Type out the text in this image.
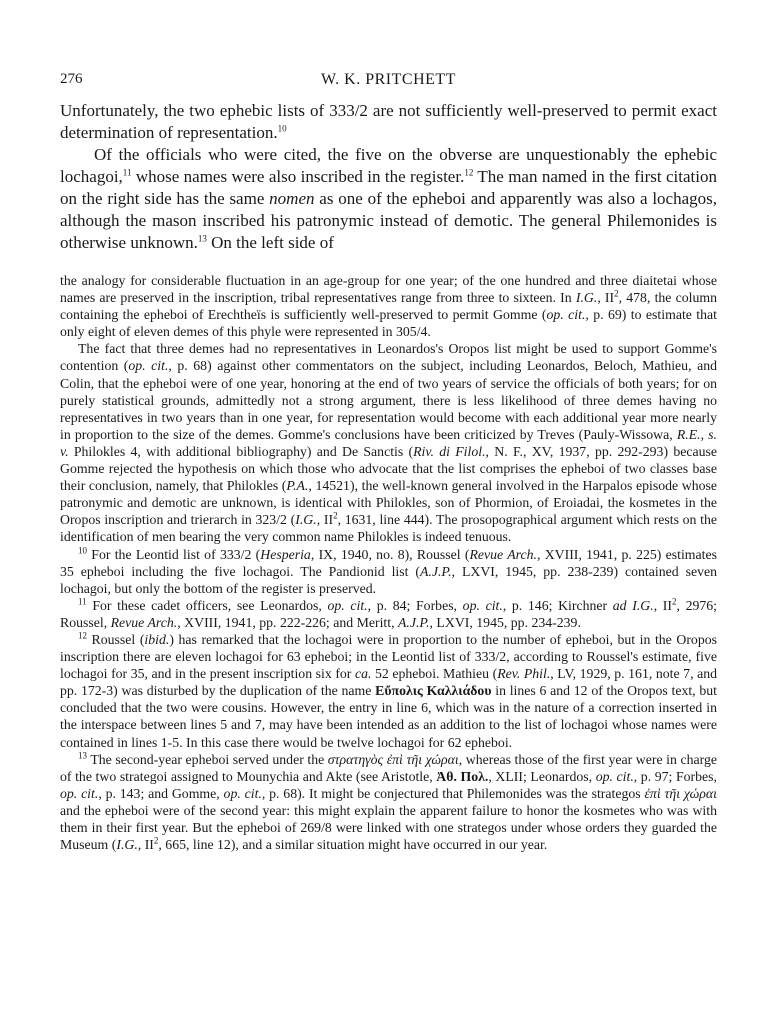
276	W. K. PRITCHETT

Unfortunately, the two ephebic lists of 333/2 are not sufficiently well-preserved to permit exact determination of representation.$^{10}$

Of the officials who were cited, the five on the obverse are unquestionably the ephebic lochagoi,$^{11}$ whose names were also inscribed in the register.$^{12}$ The man named in the first citation on the right side has the same nomen as one of the epheboi and apparently was also a lochagos, although the mason inscribed his patronymic instead of demotic. The general Philemonides is otherwise unknown.$^{13}$ On the left side of

the analogy for considerable fluctuation in an age-group for one year; of the one hundred and three diaitetai whose names are preserved in the inscription, tribal representatives range from three to sixteen. In I.G., $II^2$, 478, the column containing the epheboi of Erechtheïs is sufficiently well-preserved to permit Gomme (op. cit., p. 69) to estimate that only eight of eleven demes of this phyle were represented in 305/4.

The fact that three demes had no representatives in Leonardos's Oropos list might be used to support Gomme's contention (op. cit., p. 68) against other commentators on the subject, including Leonardos, Beloch, Mathieu, and Colin, that the epheboi were of one year, honoring at the end of two years of service the officials of both years; for on purely statistical grounds, admittedly not a strong argument, there is less likelihood of three demes having no representatives in two years than in one year, for representation would become with each additional year more nearly in proportion to the size of the demes. Gomme's conclusions have been criticized by Treves (Pauly-Wissowa, R.E., s. v. Philokles 4, with additional bibliography) and De Sanctis (Riv. di Filol., N. F., XV, 1937, pp. 292-293) because Gomme rejected the hypothesis on which those who advocate that the list comprises the epheboi of two classes base their conclusion, namely, that Philokles (P.A., 14521), the well-known general involved in the Harpalos episode whose patronymic and demotic are unknown, is identical with Philokles, son of Phormion, of Eroiadai, the kosmetes in the Oropos inscription and trierarch in 323/2 (I.G., $II^2$, 1631, line 444). The prosopographical argument which rests on the identification of men bearing the very common name Philokles is indeed tenuous.

$^{10}$ For the Leontid list of 333/2 (Hesperia, IX, 1940, no. 8), Roussel (Revue Arch., XVIII, 1941, p. 225) estimates 35 epheboi including the five lochagoi. The Pandionid list (A.J.P., LXVI, 1945, pp. 238-239) contained seven lochagoi, but only the bottom of the register is preserved.

$^{11}$ For these cadet officers, see Leonardos, op. cit., p. 84; Forbes, op. cit., p. 146; Kirchner ad I.G., $II^2$, 2976; Roussel, Revue Arch., XVIII, 1941, pp. 222-226; and Meritt, A.J.P., LXVI, 1945, pp. 234-239.

$^{12}$ Roussel (ibid.) has remarked that the lochagoi were in proportion to the number of epheboi, but in the Oropos inscription there are eleven lochagoi for 63 epheboi; in the Leontid list of 333/2, according to Roussel's estimate, five lochagoi for 35, and in the present inscription six for ca. 52 epheboi. Mathieu (Rev. Phil., LV, 1929, p. 161, note 7, and pp. 172-3) was disturbed by the duplication of the name Εὔπολις Καλλιάδου in lines 6 and 12 of the Oropos text, but concluded that the two were cousins. However, the entry in line 6, which was in the nature of a correction inserted in the interspace between lines 5 and 7, may have been intended as an addition to the list of lochagoi whose names were contained in lines 1-5. In this case there would be twelve lochagoi for 62 epheboi.

$^{13}$ The second-year epheboi served under the στρατηγὸς ἐπὶ τῆι χώραι, whereas those of the first year were in charge of the two strategoi assigned to Mounychia and Akte (see Aristotle, Ἀθ. Πολ., XLII; Leonardos, op. cit., p. 97; Forbes, op. cit., p. 143; and Gomme, op. cit., p. 68). It might be conjectured that Philemonides was the strategos ἐπὶ τῆι χώραι and the epheboi were of the second year: this might explain the apparent failure to honor the kosmetes who was with them in their first year. But the epheboi of 269/8 were linked with one strategos under whose orders they guarded the Museum (I.G., $II^2$, 665, line 12), and a similar situation might have occurred in our year.
